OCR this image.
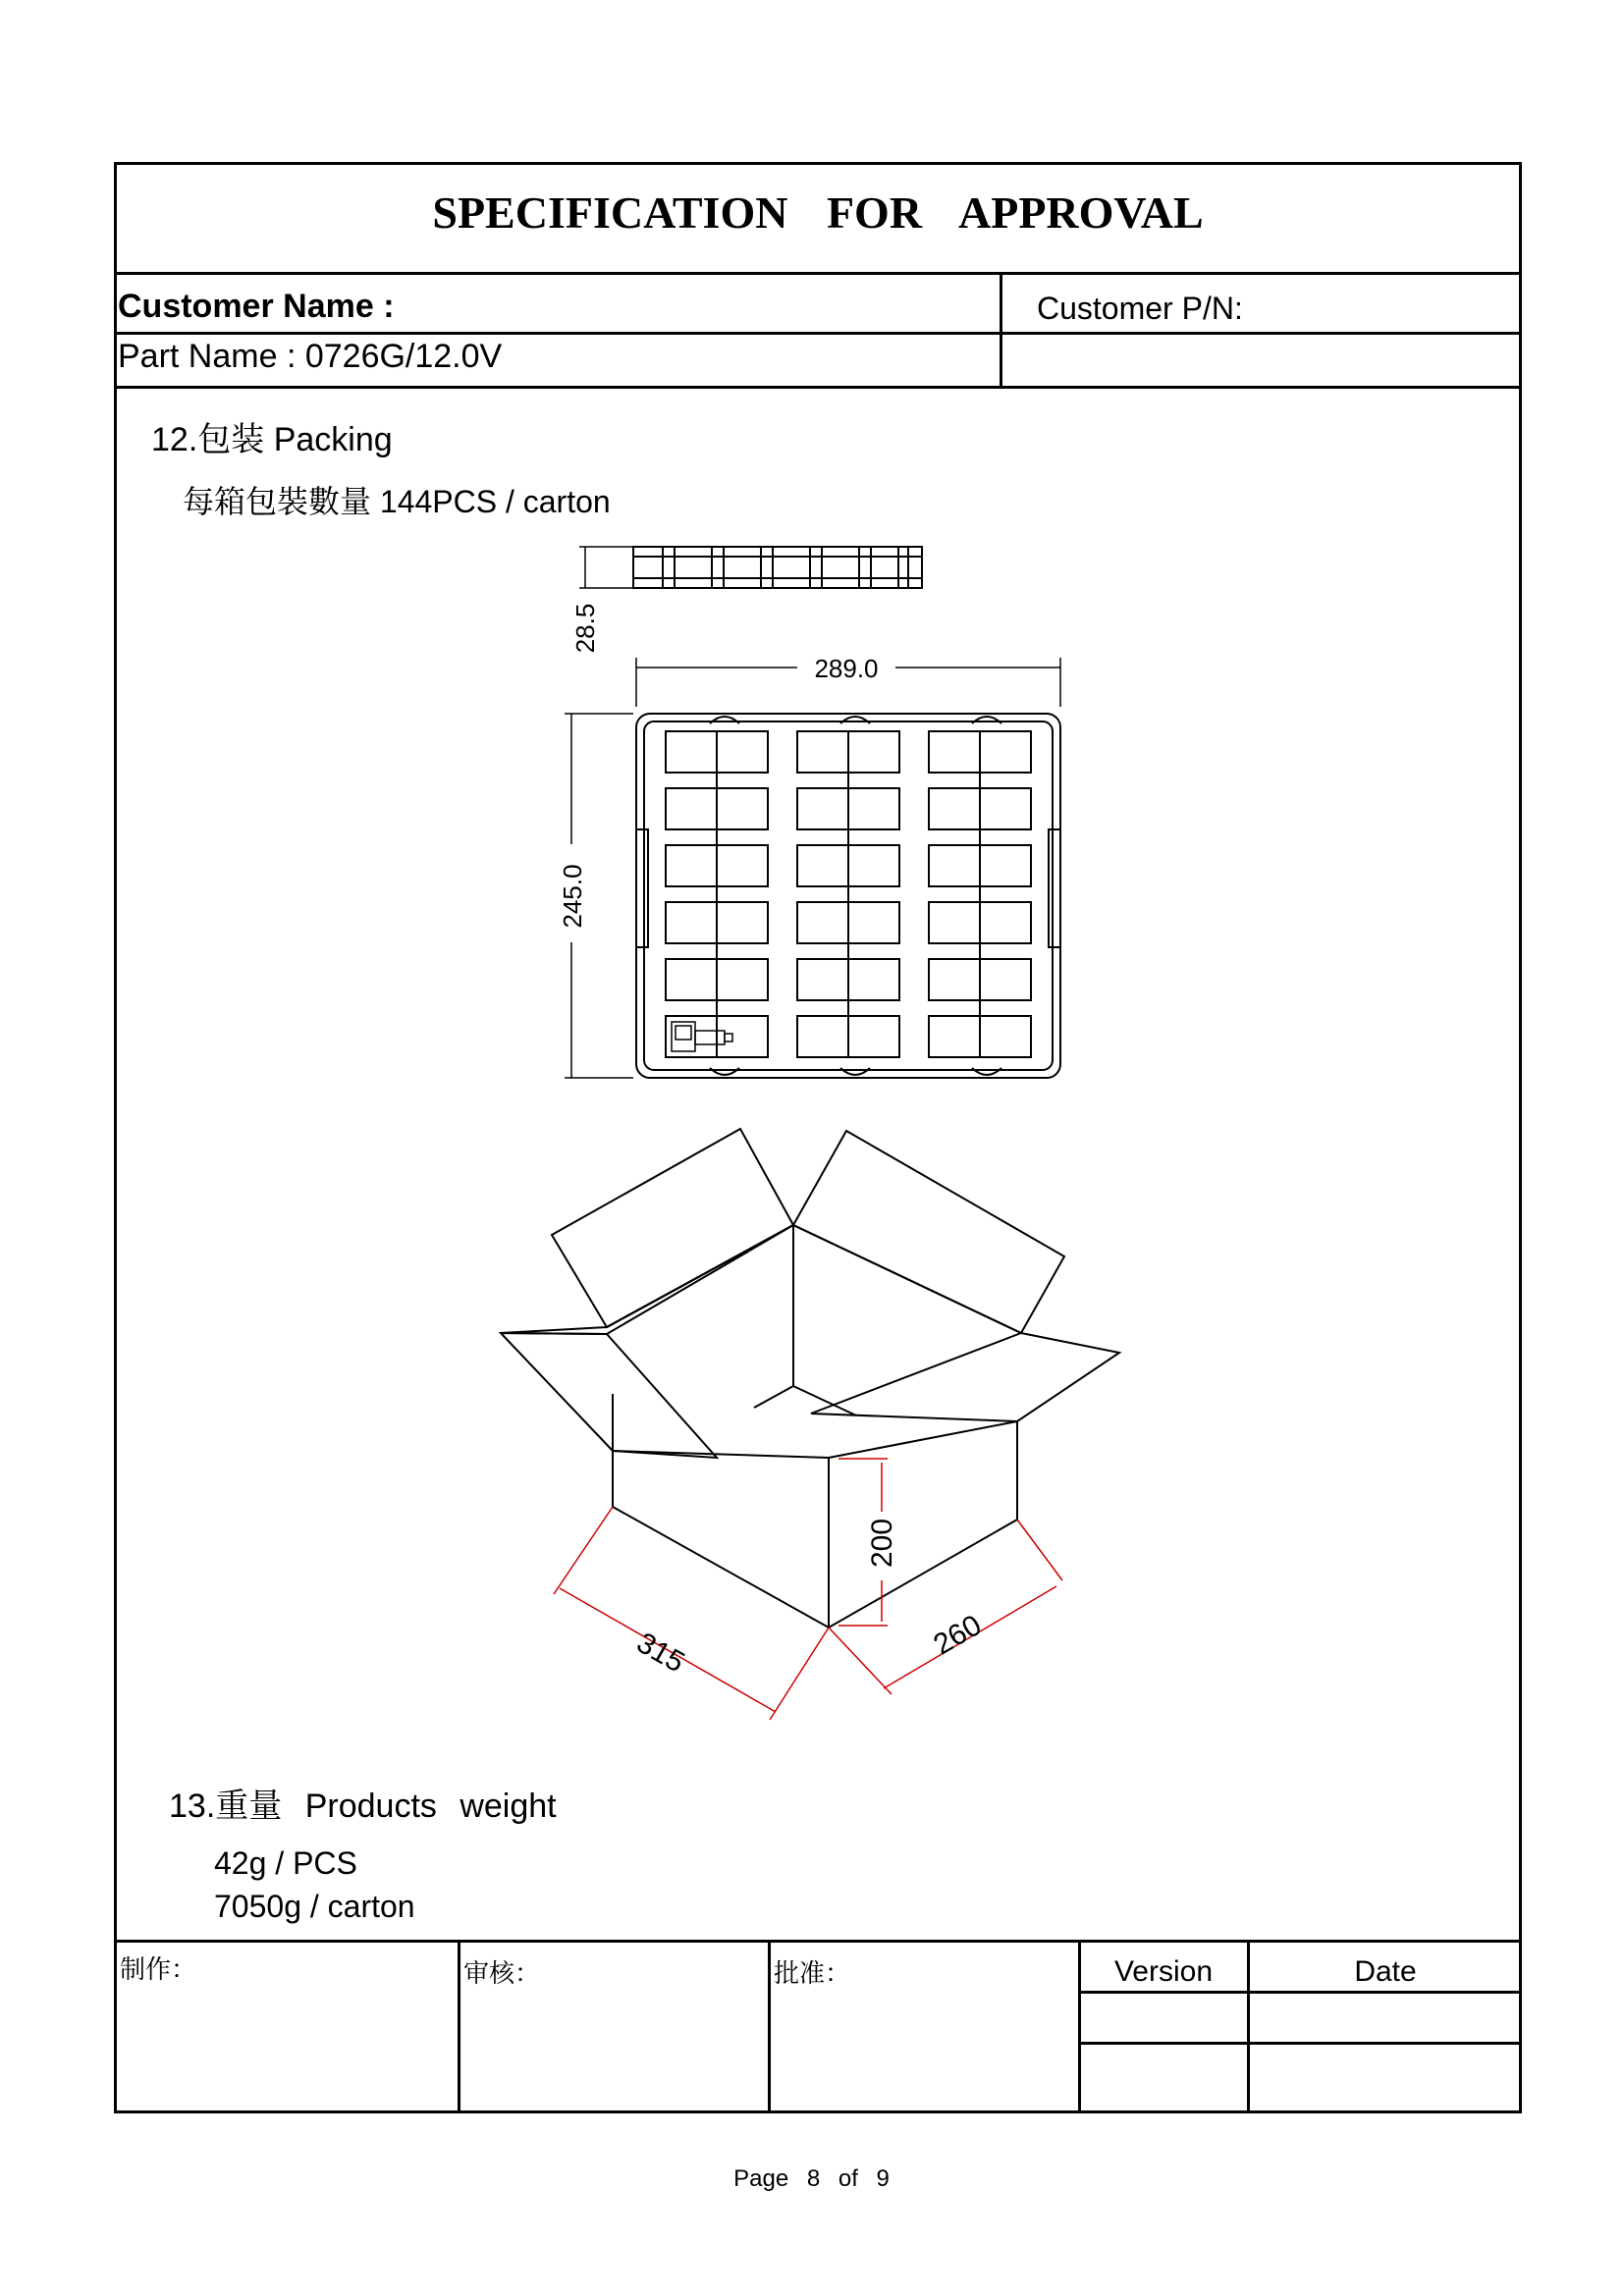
SPECIFICATION FOR APPROVAL
Customer Name :	Customer P/N:
Part Name : 0726G/12.0V
12.包装 Packing
每箱包裝數量 144PCS / carton
28.5
289.0
245.0
200
315	260
13.重量 Products weight
42g / PCS
7050g / carton
制作：	审核：	批准：	Version	Date
Page 8 of 9
